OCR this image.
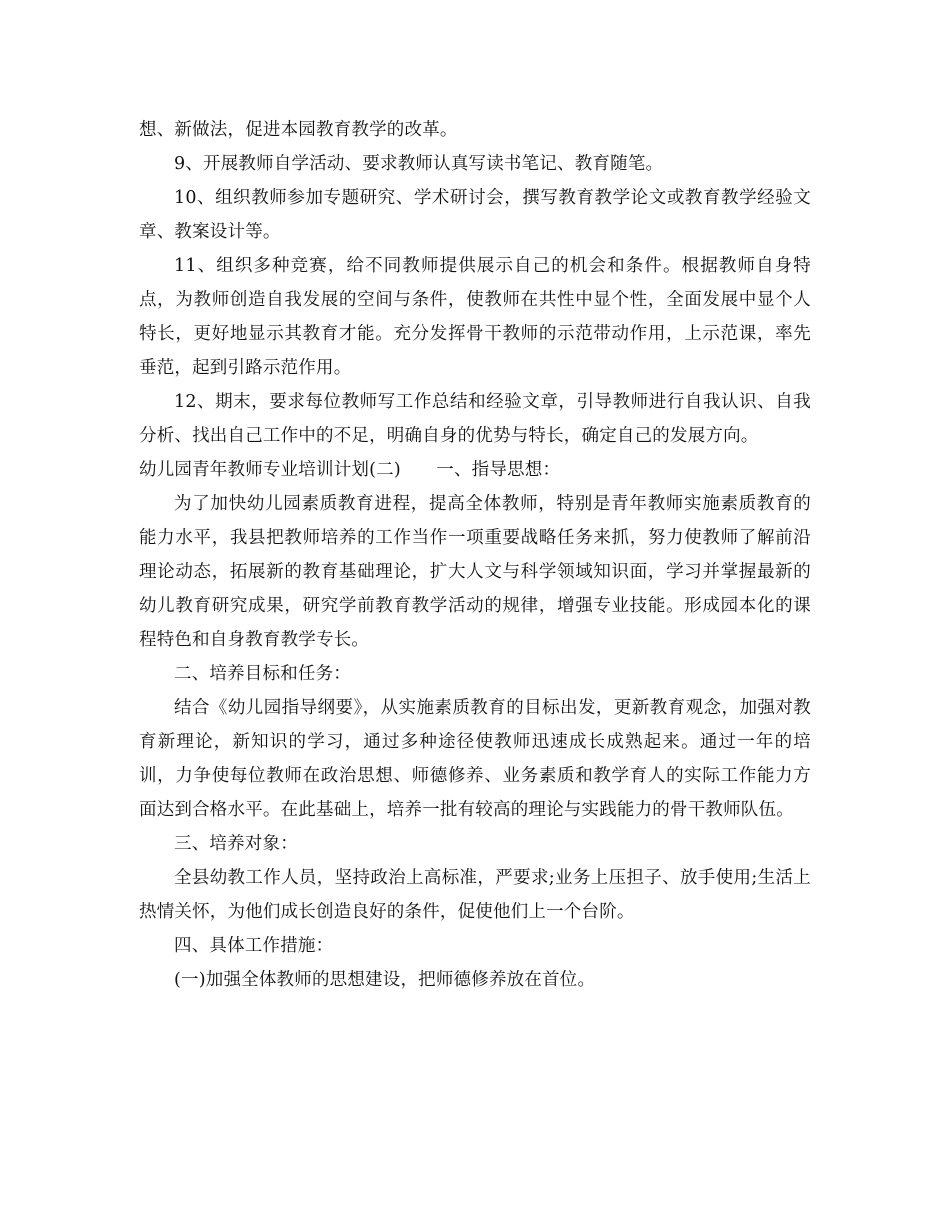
想、新做法，促进本园教育教学的改革。

9、开展教师自学活动、要求教师认真写读书笔记、教育随笔。

10、组织教师参加专题研究、学术研讨会，撰写教育教学论文或教育教学经验文章、教案设计等。

11、组织多种竞赛，给不同教师提供展示自己的机会和条件。根据教师自身特点，为教师创造自我发展的空间与条件，使教师在共性中显个性，全面发展中显个人特长，更好地显示其教育才能。充分发挥骨干教师的示范带动作用，上示范课，率先垂范，起到引路示范作用。

12、期末，要求每位教师写工作总结和经验文章，引导教师进行自我认识、自我分析、找出自己工作中的不足，明确自身的优势与特长，确定自己的发展方向。

幼儿园青年教师专业培训计划(二)　　一、指导思想：

为了加快幼儿园素质教育进程，提高全体教师，特别是青年教师实施素质教育的能力水平，我县把教师培养的工作当作一项重要战略任务来抓，努力使教师了解前沿理论动态，拓展新的教育基础理论，扩大人文与科学领域知识面，学习并掌握最新的幼儿教育研究成果，研究学前教育教学活动的规律，增强专业技能。形成园本化的课程特色和自身教育教学专长。

二、培养目标和任务：

结合《幼儿园指导纲要》，从实施素质教育的目标出发，更新教育观念，加强对教育新理论，新知识的学习，通过多种途径使教师迅速成长成熟起来。通过一年的培训，力争使每位教师在政治思想、师德修养、业务素质和教学育人的实际工作能力方面达到合格水平。在此基础上，培养一批有较高的理论与实践能力的骨干教师队伍。

三、培养对象：

全县幼教工作人员，坚持政治上高标准，严要求;业务上压担子、放手使用;生活上热情关怀，为他们成长创造良好的条件，促使他们上一个台阶。

四、具体工作措施：

(一)加强全体教师的思想建设，把师德修养放在首位。
